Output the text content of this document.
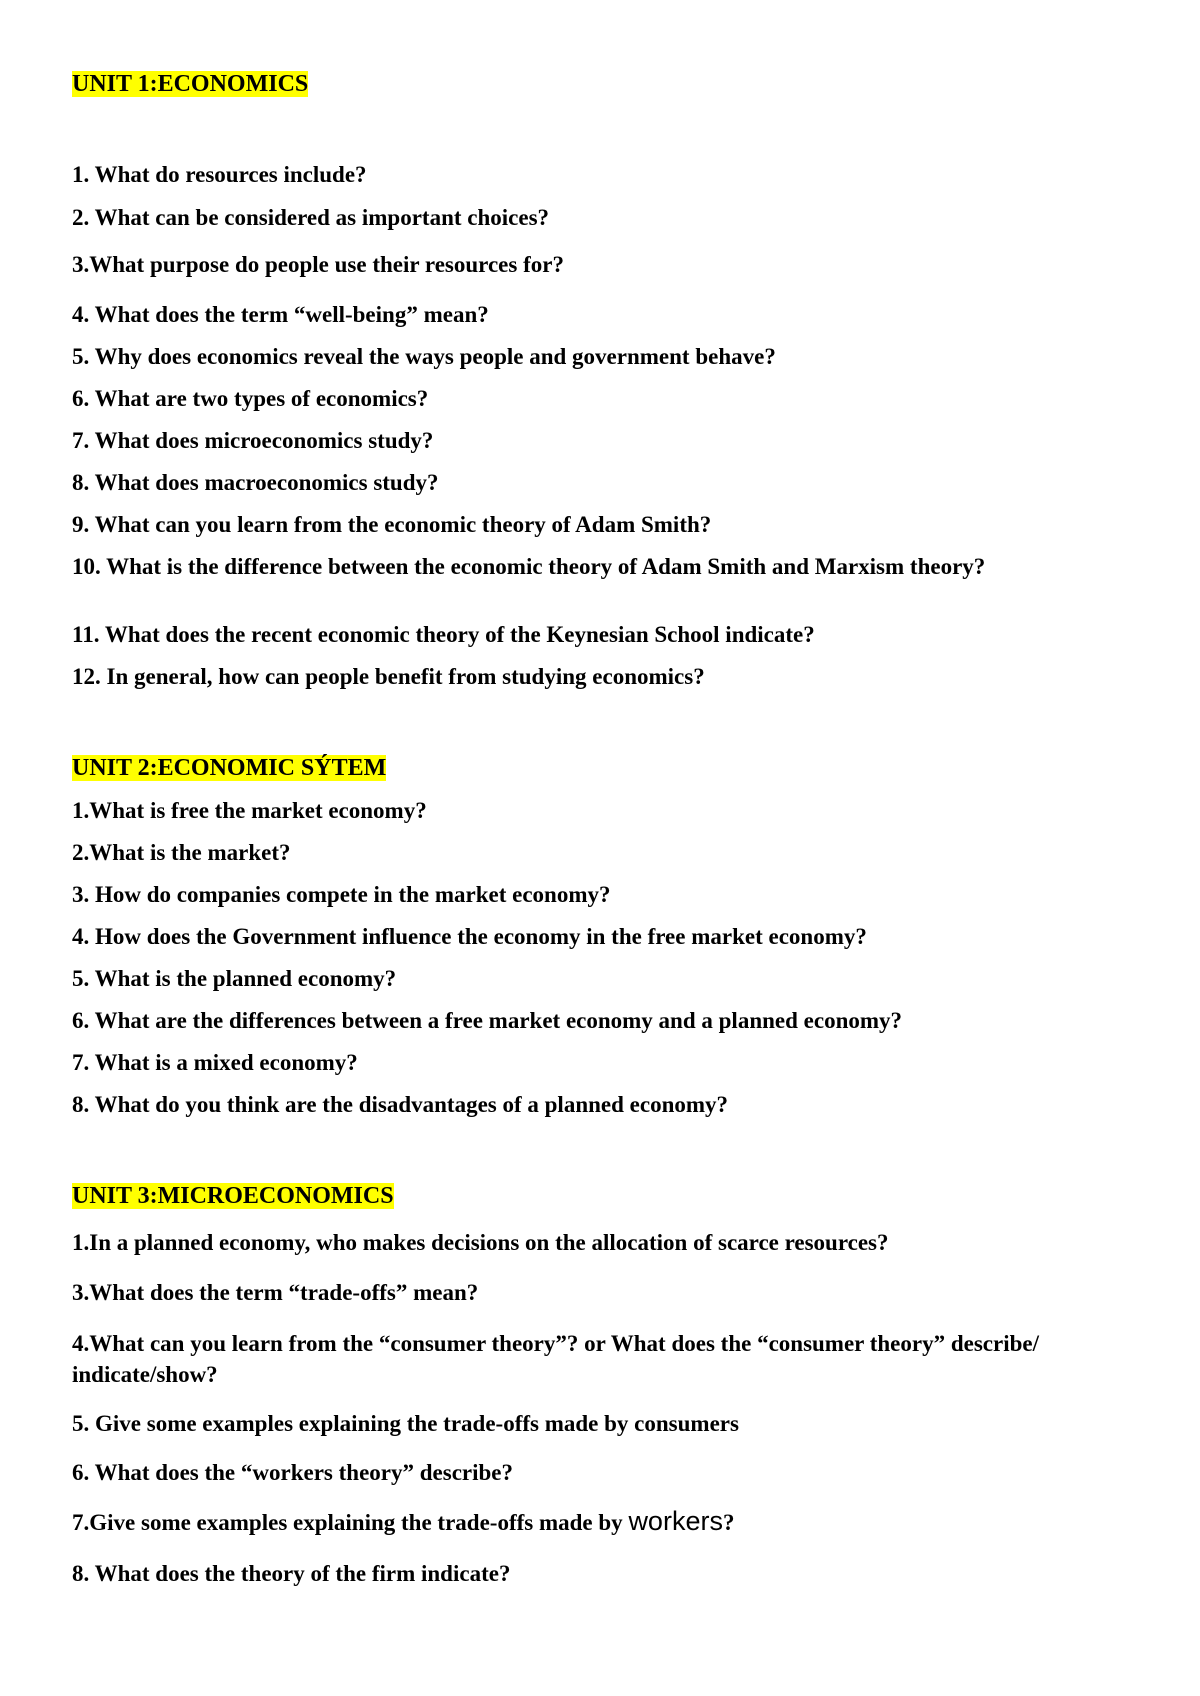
UNIT 1:ECONOMICS

1. What do resources include?

2. What can be considered as important choices?

3.What purpose do people use their resources for?

4. What does the term “well-being” mean?

5. Why does economics reveal the ways people and government behave?

6. What are two types of economics?

7. What does microeconomics study?

8. What does macroeconomics study?

9. What can you learn from the economic theory of Adam Smith?

10. What is the difference between the economic theory of Adam Smith and Marxism theory?

11. What does the recent economic theory of the Keynesian School indicate?

12. In general, how can people benefit from studying economics?

UNIT 2:ECONOMIC SÝTEM

1.What is free the market economy?

2.What is the market?

3. How do companies compete in the market economy?

4. How does the Government influence the economy in the free market economy?

5. What is the planned economy?

6. What are the differences between a free market economy and a planned economy?

7. What is a mixed economy?

8. What do you think are the disadvantages of a planned economy?

UNIT 3:MICROECONOMICS

1.In a planned economy, who makes decisions on the allocation of scarce resources?

3.What does the term “trade-offs” mean?

4.What can you learn from the “consumer theory”? or What does the “consumer theory” describe/ indicate/show?

5. Give some examples explaining the trade-offs made by consumers

6. What does the “workers theory” describe?

7.Give some examples explaining the trade-offs made by workers?

8. What does the theory of the firm indicate?
